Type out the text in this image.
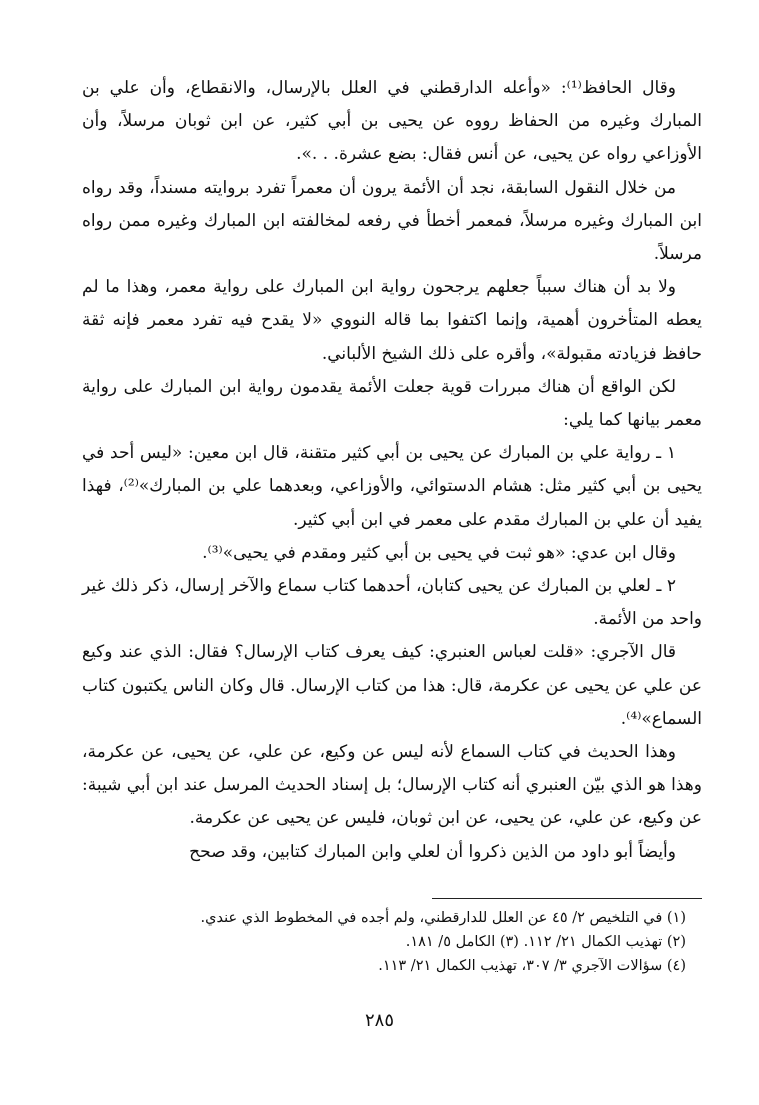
وقال الحافظ⁽¹⁾: «وأعله الدارقطني في العلل بالإرسال، والانقطاع، وأن علي بن المبارك وغيره من الحفاظ رووه عن يحيى بن أبي كثير، عن ابن ثوبان مرسلاً، وأن الأوزاعي رواه عن يحيى، عن أنس فقال: بضع عشرة. . .».

من خلال النقول السابقة، نجد أن الأئمة يرون أن معمراً تفرد بروايته مسنداً، وقد رواه ابن المبارك وغيره مرسلاً، فمعمر أخطأ في رفعه لمخالفته ابن المبارك وغيره ممن رواه مرسلاً.

ولا بد أن هناك سبباً جعلهم يرجحون رواية ابن المبارك على رواية معمر، وهذا ما لم يعطه المتأخرون أهمية، وإنما اكتفوا بما قاله النووي «لا يقدح فيه تفرد معمر فإنه ثقة حافظ فزيادته مقبولة»، وأقره على ذلك الشيخ الألباني.

لكن الواقع أن هناك مبررات قوية جعلت الأئمة يقدمون رواية ابن المبارك على رواية معمر بيانها كما يلي:

١ ـ رواية علي بن المبارك عن يحيى بن أبي كثير متقنة، قال ابن معين: «ليس أحد في يحيى بن أبي كثير مثل: هشام الدستوائي، والأوزاعي، وبعدهما علي بن المبارك»⁽²⁾، فهذا يفيد أن علي بن المبارك مقدم على معمر في ابن أبي كثير.

وقال ابن عدي: «هو ثبت في يحيى بن أبي كثير ومقدم في يحيى»⁽³⁾.

٢ ـ لعلي بن المبارك عن يحيى كتابان، أحدهما كتاب سماع والآخر إرسال، ذكر ذلك غير واحد من الأئمة.

قال الآجري: «قلت لعباس العنبري: كيف يعرف كتاب الإرسال؟ فقال: الذي عند وكيع عن علي عن يحيى عن عكرمة، قال: هذا من كتاب الإرسال. قال وكان الناس يكتبون كتاب السماع»⁽⁴⁾.

وهذا الحديث في كتاب السماع لأنه ليس عن وكيع، عن علي، عن يحيى، عن عكرمة، وهذا هو الذي بيّن العنبري أنه كتاب الإرسال؛ بل إسناد الحديث المرسل عند ابن أبي شيبة: عن وكيع، عن علي، عن يحيى، عن ابن ثوبان، فليس عن يحيى عن عكرمة.

وأيضاً أبو داود من الذين ذكروا أن لعلي وابن المبارك كتابين، وقد صحح

(١) في التلخيص ٢/ ٤٥ عن العلل للدارقطني، ولم أجده في المخطوط الذي عندي.

(٢) تهذيب الكمال ٢١/ ١١٢. (٣) الكامل ٥/ ١٨١.

(٤) سؤالات الآجري ٣/ ٣٠٧، تهذيب الكمال ٢١/ ١١٣.

٢٨٥
